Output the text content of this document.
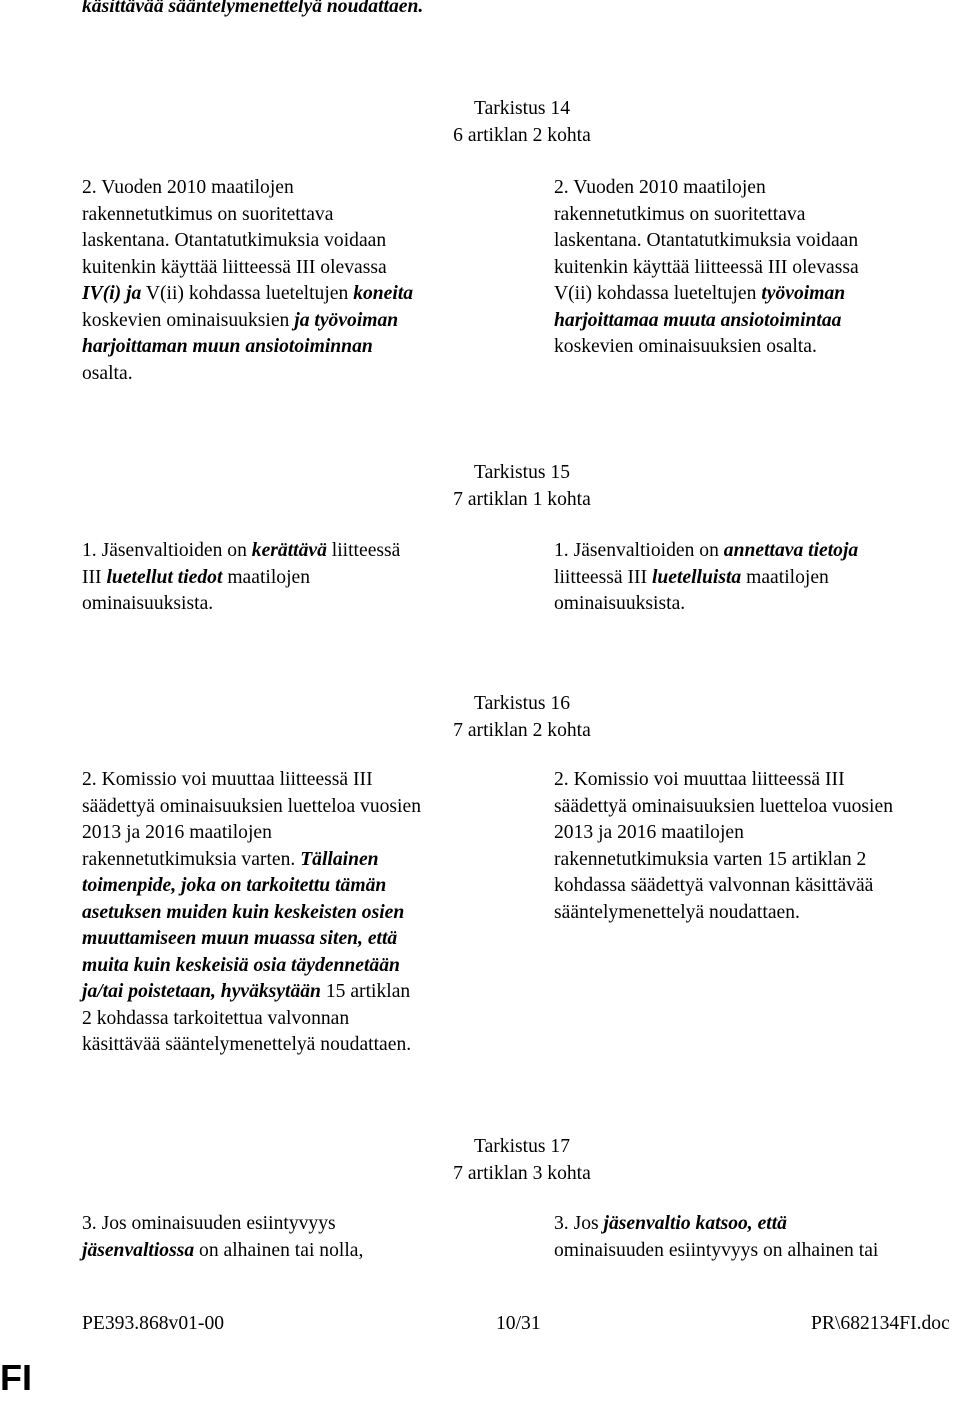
käsittävää sääntelymenettelyä noudattaen.
Tarkistus 14
6 artiklan 2 kohta
2. Vuoden 2010 maatilojen
rakennetutkimus on suoritettava
laskentana. Otantatutkimuksia voidaan
kuitenkin käyttää liitteessä III olevassa
IV(i) ja V(ii) kohdassa lueteltujen koneita
koskevien ominaisuuksien ja työvoiman
harjoittaman muun ansiotoiminnan
osalta.
2. Vuoden 2010 maatilojen
rakennetutkimus on suoritettava
laskentana. Otantatutkimuksia voidaan
kuitenkin käyttää liitteessä III olevassa
V(ii) kohdassa lueteltujen työvoiman
harjoittamaa muuta ansiotoimintaa
koskevien ominaisuuksien osalta.
Tarkistus 15
7 artiklan 1 kohta
1. Jäsenvaltioiden on kerättävä liitteessä
III luetellut tiedot maatilojen
ominaisuuksista.
1. Jäsenvaltioiden on annettava tietoja
liitteessä III luetelluista maatilojen
ominaisuuksista.
Tarkistus 16
7 artiklan 2 kohta
2. Komissio voi muuttaa liitteessä III
säädettyä ominaisuuksien luetteloa vuosien
2013 ja 2016 maatilojen
rakennetutkimuksia varten. Tällainen
toimenpide, joka on tarkoitettu tämän
asetuksen muiden kuin keskeisten osien
muuttamiseen muun muassa siten, että
muita kuin keskeisiä osia täydennetään
ja/tai poistetaan, hyväksytään 15 artiklan
2 kohdassa tarkoitettua valvonnan
käsittävää sääntelymenettelyä noudattaen.
2. Komissio voi muuttaa liitteessä III
säädettyä ominaisuuksien luetteloa vuosien
2013 ja 2016 maatilojen
rakennetutkimuksia varten 15 artiklan 2
kohdassa säädettyä valvonnan käsittävää
sääntelymenettelyä noudattaen.
Tarkistus 17
7 artiklan 3 kohta
3. Jos ominaisuuden esiintyvyys
jäsenvaltiossa on alhainen tai nolla,
3. Jos jäsenvaltio katsoo, että
ominaisuuden esiintyvyys on alhainen tai
PE393.868v01-00	10/31	PR\682134FI.doc
FI
